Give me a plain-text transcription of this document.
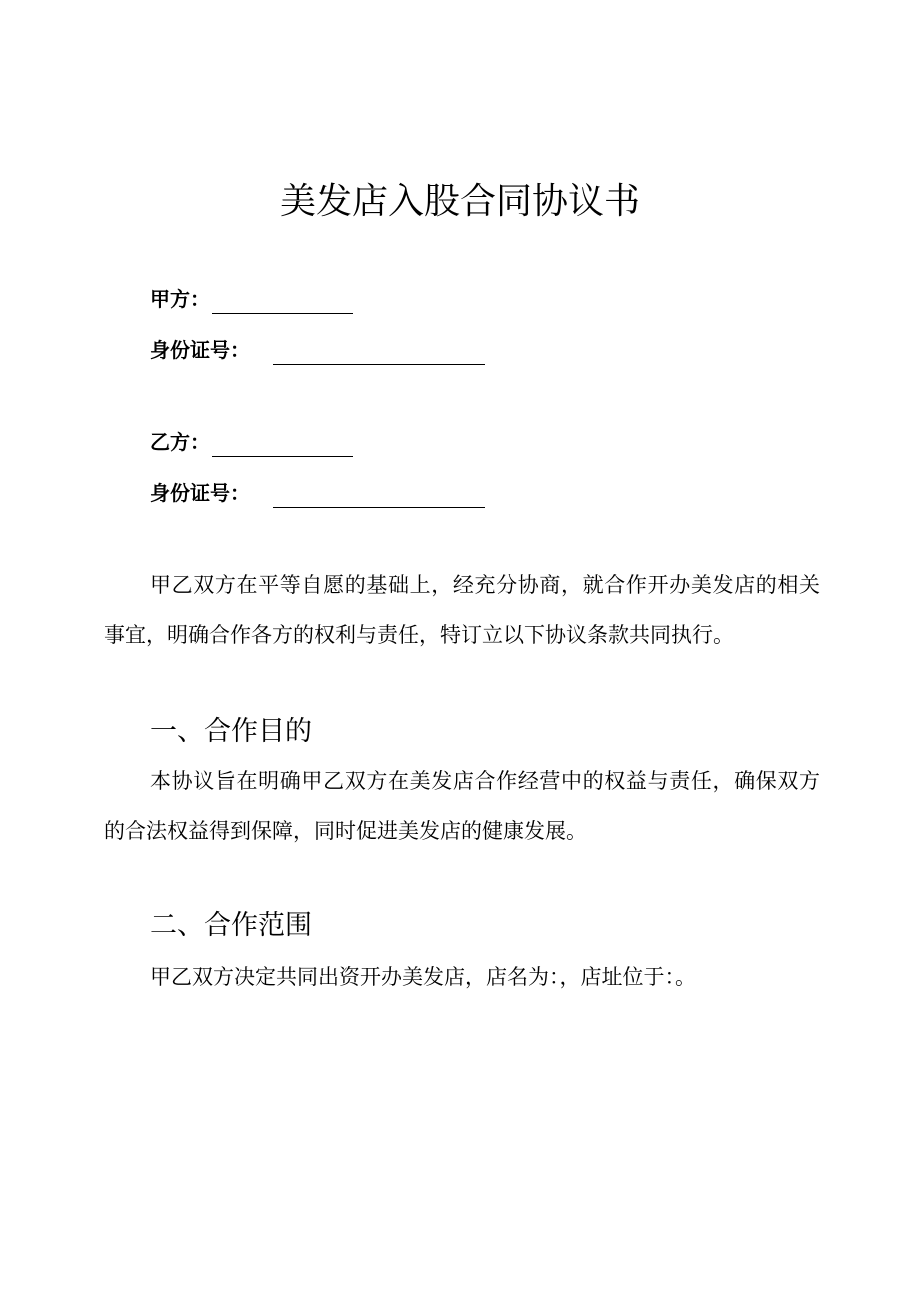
美发店入股合同协议书
甲方：
身份证号：
乙方：
身份证号：

甲乙双方在平等自愿的基础上，经充分协商，就合作开办美发店的相关事宜，明确合作各方的权利与责任，特订立以下协议条款共同执行。

一、合作目的

本协议旨在明确甲乙双方在美发店合作经营中的权益与责任，确保双方的合法权益得到保障，同时促进美发店的健康发展。

二、合作范围

甲乙双方决定共同出资开办美发店，店名为：，店址位于：。
